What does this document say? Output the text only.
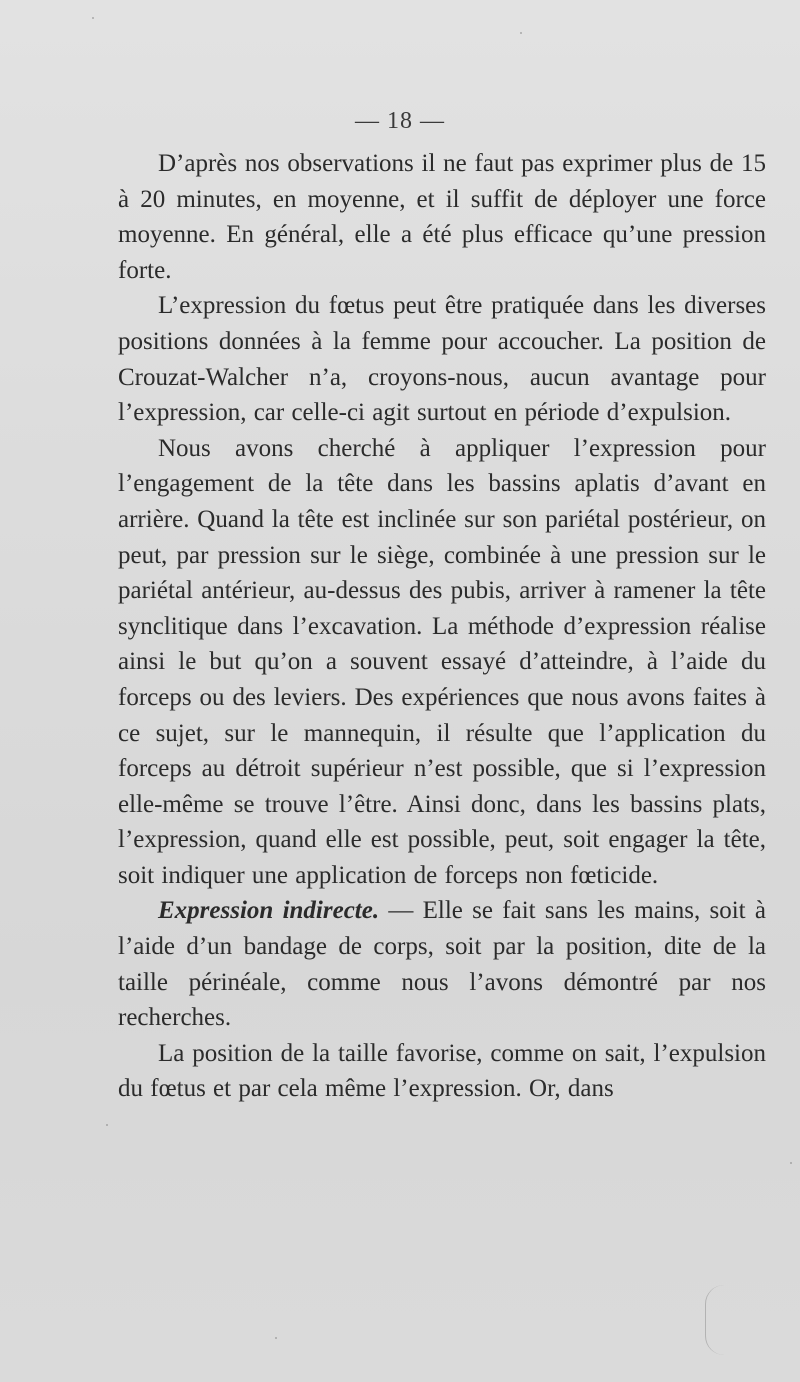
— 18 —

D’après nos observations il ne faut pas exprimer plus de 15 à 20 minutes, en moyenne, et il suffit de déployer une force moyenne. En général, elle a été plus efficace qu’une pression forte.

L’expression du fœtus peut être pratiquée dans les diverses positions données à la femme pour accoucher. La position de Crouzat-Walcher n’a, croyons-nous, aucun avantage pour l’expression, car celle-ci agit surtout en période d’expulsion.

Nous avons cherché à appliquer l’expression pour l’engagement de la tête dans les bassins aplatis d’avant en arrière. Quand la tête est inclinée sur son pariétal postérieur, on peut, par pression sur le siège, combinée à une pression sur le pariétal antérieur, au-dessus des pubis, arriver à ramener la tête synclitique dans l’excavation. La méthode d’expression réalise ainsi le but qu’on a souvent essayé d’atteindre, à l’aide du forceps ou des leviers. Des expériences que nous avons faites à ce sujet, sur le mannequin, il résulte que l’application du forceps au détroit supérieur n’est possible, que si l’expression elle-même se trouve l’être. Ainsi donc, dans les bassins plats, l’expression, quand elle est possible, peut, soit engager la tête, soit indiquer une application de forceps non fœticide.

Expression indirecte. — Elle se fait sans les mains, soit à l’aide d’un bandage de corps, soit par la position, dite de la taille périnéale, comme nous l’avons démontré par nos recherches.

La position de la taille favorise, comme on sait, l’expulsion du fœtus et par cela même l’expression. Or, dans
